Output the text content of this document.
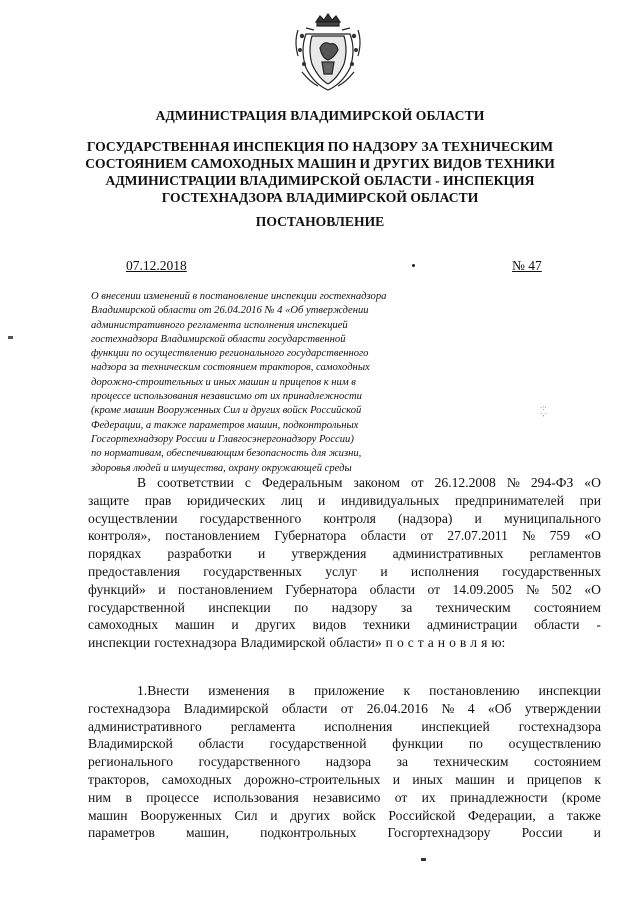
АДМИНИСТРАЦИЯ ВЛАДИМИРСКОЙ ОБЛАСТИ
ГОСУДАРСТВЕННАЯ ИНСПЕКЦИЯ ПО НАДЗОРУ ЗА ТЕХНИЧЕСКИМ
СОСТОЯНИЕМ САМОХОДНЫХ МАШИН И ДРУГИХ ВИДОВ ТЕХНИКИ
АДМИНИСТРАЦИИ ВЛАДИМИРСКОЙ ОБЛАСТИ - ИНСПЕКЦИЯ
ГОСТЕХНАДЗОРА ВЛАДИМИРСКОЙ ОБЛАСТИ
ПОСТАНОВЛЕНИЕ
07.12.2018	№ 47
·:·
·‚·
О внесении изменений в постановление инспекции гостехнадзора
Владимирской области от 26.04.2016 № 4 «Об утверждении
административного регламента исполнения инспекцией
гостехнадзора Владимирской области государственной
функции по осуществлению регионального государственного
надзора за техническим состоянием тракторов, самоходных
дорожно-строительных и иных машин и прицепов к ним в
процессе использования независимо от их принадлежности
(кроме машин Вооруженных Сил и других войск Российской
Федерации, а также параметров машин, подконтрольных
Госгортехнадзору России и Главгосэнергонадзору России)
по нормативам, обеспечивающим безопасность для жизни,
здоровья людей и имущества, охрану окружающей среды
В соответствии с Федеральным законом от 26.12.2008 № 294-ФЗ «О
защите прав юридических лиц и индивидуальных предпринимателей при
осуществлении государственного контроля (надзора) и муниципального
контроля», постановлением Губернатора области от 27.07.2011 № 759 «О
порядках разработки и утверждения административных регламентов
предоставления государственных услуг и исполнения государственных
функций» и постановлением Губернатора области от 14.09.2005 № 502 «О
государственной инспекции по надзору за техническим состоянием
самоходных машин и других видов техники администрации области -
инспекции гостехнадзора Владимирской области» п о с т а н о в л я ю:
1.Внести изменения в приложение к постановлению инспекции
гостехнадзора Владимирской области от 26.04.2016 № 4 «Об утверждении
административного регламента исполнения инспекцией гостехнадзора
Владимирской области государственной функции по осуществлению
регионального государственного надзора за техническим состоянием
тракторов, самоходных дорожно-строительных и иных машин и прицепов к
ним в процессе использования независимо от их принадлежности (кроме
машин Вооруженных Сил и других войск Российской Федерации, а также
параметров машин, подконтрольных Госгортехнадзору России и
